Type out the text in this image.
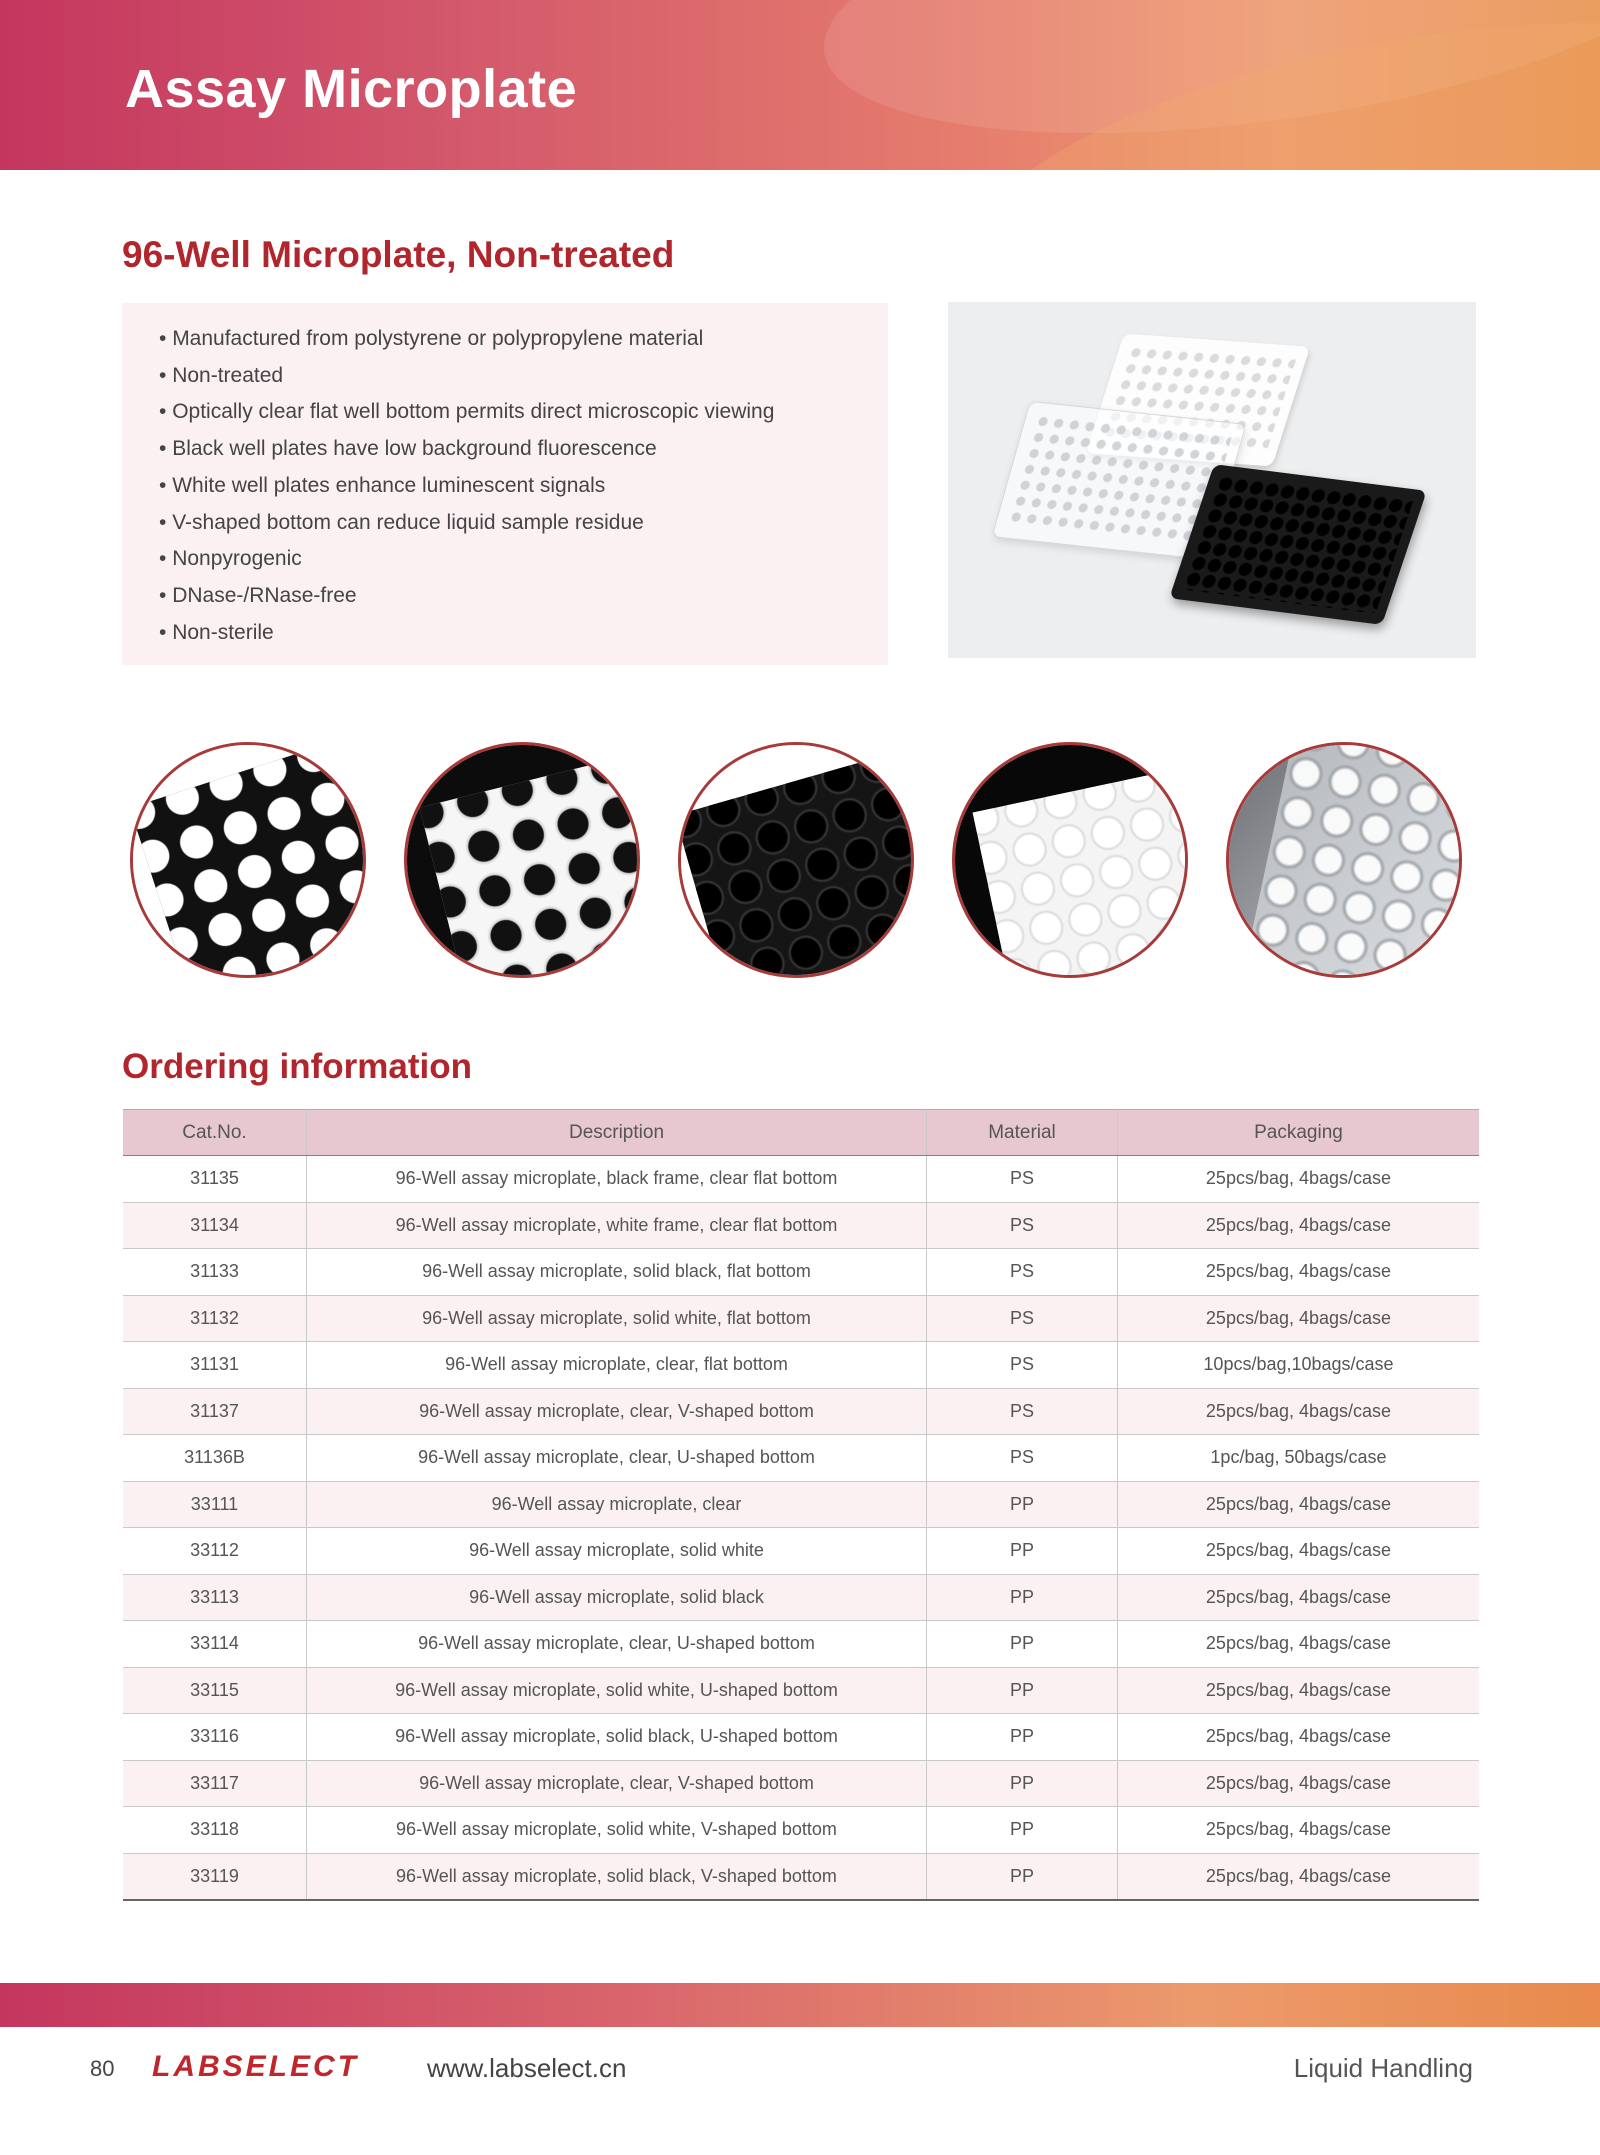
Assay Microplate
96-Well Microplate, Non-treated
• Manufactured from polystyrene or polypropylene material
• Non-treated
• Optically clear flat well bottom permits direct microscopic viewing
• Black well plates have low background fluorescence
• White well plates enhance luminescent signals
• V-shaped bottom can reduce liquid sample residue
• Nonpyrogenic
• DNase-/RNase-free
• Non-sterile
Ordering information
Cat.No.	Description	Material	Packaging
31135	96-Well assay microplate, black frame, clear flat bottom	PS	25pcs/bag, 4bags/case
31134	96-Well assay microplate, white frame, clear flat bottom	PS	25pcs/bag, 4bags/case
31133	96-Well assay microplate, solid black, flat bottom	PS	25pcs/bag, 4bags/case
31132	96-Well assay microplate, solid white, flat bottom	PS	25pcs/bag, 4bags/case
31131	96-Well assay microplate, clear, flat bottom	PS	10pcs/bag,10bags/case
31137	96-Well assay microplate, clear, V-shaped bottom	PS	25pcs/bag, 4bags/case
31136B	96-Well assay microplate, clear, U-shaped bottom	PS	1pc/bag, 50bags/case
33111	96-Well assay microplate, clear	PP	25pcs/bag, 4bags/case
33112	96-Well assay microplate, solid white	PP	25pcs/bag, 4bags/case
33113	96-Well assay microplate, solid black	PP	25pcs/bag, 4bags/case
33114	96-Well assay microplate, clear, U-shaped bottom	PP	25pcs/bag, 4bags/case
33115	96-Well assay microplate, solid white, U-shaped bottom	PP	25pcs/bag, 4bags/case
33116	96-Well assay microplate, solid black, U-shaped bottom	PP	25pcs/bag, 4bags/case
33117	96-Well assay microplate, clear, V-shaped bottom	PP	25pcs/bag, 4bags/case
33118	96-Well assay microplate, solid white, V-shaped bottom	PP	25pcs/bag, 4bags/case
33119	96-Well assay microplate, solid black, V-shaped bottom	PP	25pcs/bag, 4bags/case
80 LABSELECT	www.labselect.cn	Liquid Handling
